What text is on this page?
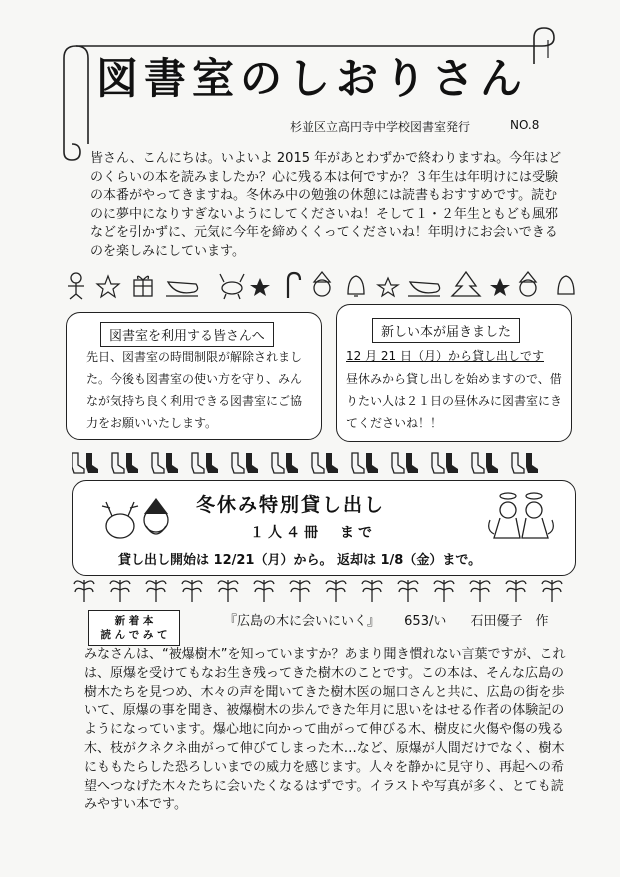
図書室のしおりさん
杉並区立高円寺中学校図書室発行	NO.8
皆さん、こんにちは。いよいよ 2015 年があとわずかで終わりますね。今年はどのくらいの本を読みましたか？心に残る本は何ですか？３年生は年明けには受験の本番がやってきますね。冬休み中の勉強の休憩には読書もおすすめです。読むのに夢中になりすぎないようにしてくださいね！そして１・２年生ともども風邪などを引かずに、元気に今年を締めくくってくださいね！年明けにお会いできるのを楽しみにしています。
図書室を利用する皆さんへ
先日、図書室の時間制限が解除されました。今後も図書室の使い方を守り、みんなが気持ち良く利用できる図書室にご協力をお願いいたします。
新しい本が届きました
12 月 21 日（月）から貸し出しです
昼休みから貸し出しを始めますので、借りたい人は２１日の昼休みに図書室にきてくださいね！！
冬休み特別貸し出し
１人４冊　まで
貸し出し開始は 12/21（月）から。 返却は 1/8（金）まで。
新 着 本
読 ん で み て
『広島の木に会いにいく』 653/い 石田優子　作
みなさんは、“被爆樹木”を知っていますか？あまり聞き慣れない言葉ですが、これは、原爆を受けてもなお生き残ってきた樹木のことです。この本は、そんな広島の樹木たちを見つめ、木々の声を聞いてきた樹木医の堀口さんと共に、広島の街を歩いて、原爆の事を聞き、被爆樹木の歩んできた年月に思いをはせる作者の体験記のようになっています。爆心地に向かって曲がって伸びる木、樹皮に火傷や傷の残る木、枝がクネクネ曲がって伸びてしまった木…など、原爆が人間だけでなく、樹木にももたらした恐ろしいまでの威力を感じます。人々を静かに見守り、再起への希望へつなげた木々たちに会いたくなるはずです。イラストや写真が多く、とても読みやすい本です。
